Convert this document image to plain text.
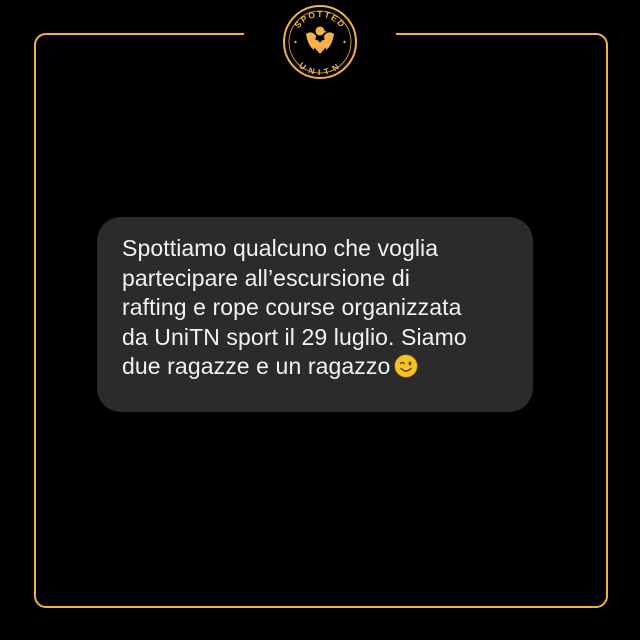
SPOTTED
UNITN

Spottiamo qualcuno che voglia
partecipare all’escursione di
rafting e rope course organizzata
da UniTN sport il 29 luglio. Siamo
due ragazze e un ragazzo
